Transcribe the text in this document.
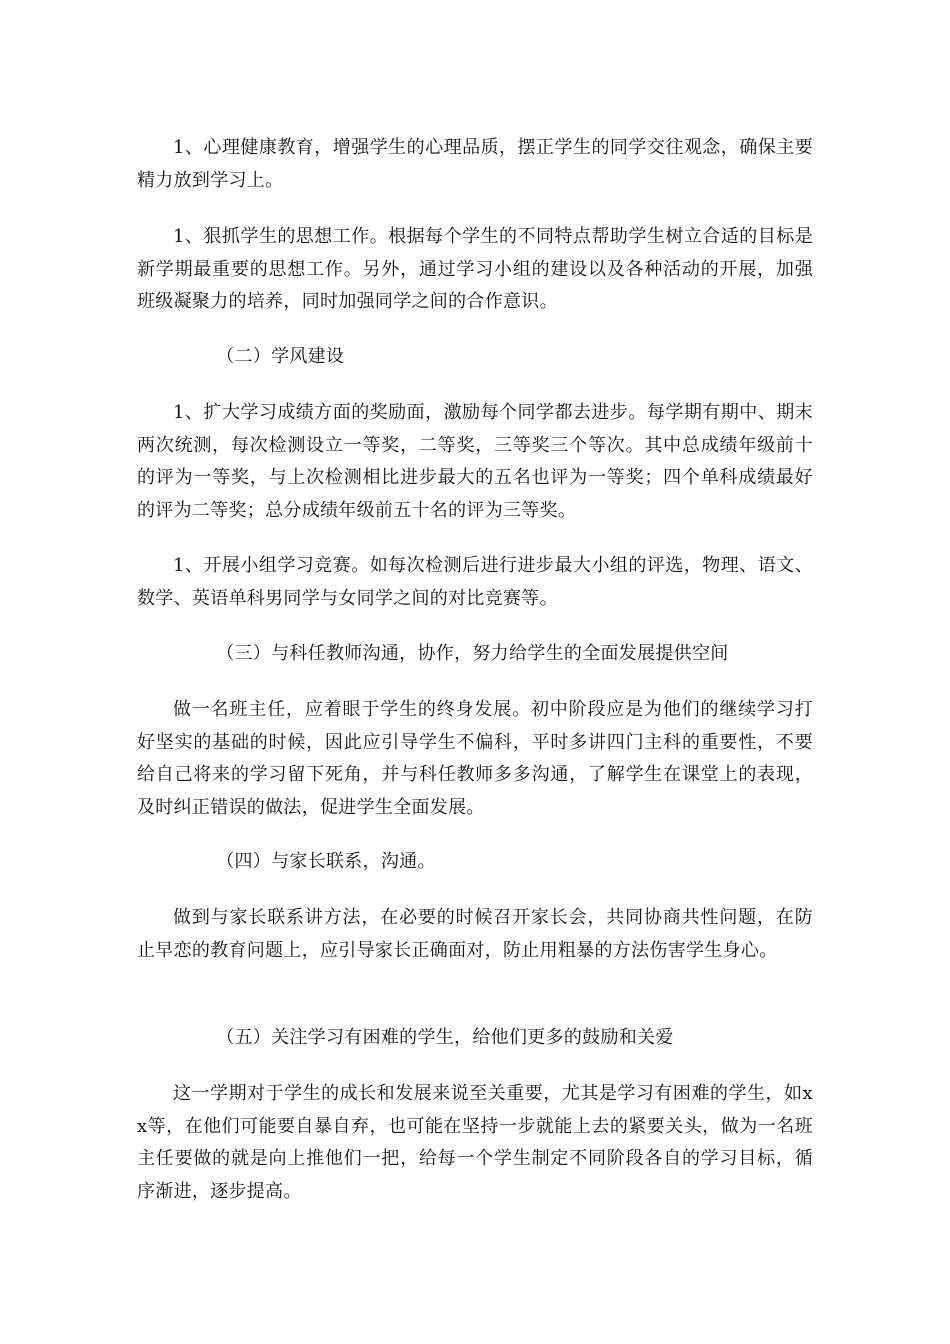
1、心理健康教育，增强学生的心理品质，摆正学生的同学交往观念，确保主要精力放到学习上。

1、狠抓学生的思想工作。根据每个学生的不同特点帮助学生树立合适的目标是新学期最重要的思想工作。另外，通过学习小组的建设以及各种活动的开展，加强班级凝聚力的培养，同时加强同学之间的合作意识。

（二）学风建设

1、扩大学习成绩方面的奖励面，激励每个同学都去进步。每学期有期中、期末两次统测，每次检测设立一等奖，二等奖，三等奖三个等次。其中总成绩年级前十的评为一等奖，与上次检测相比进步最大的五名也评为一等奖；四个单科成绩最好的评为二等奖；总分成绩年级前五十名的评为三等奖。

1、开展小组学习竞赛。如每次检测后进行进步最大小组的评选，物理、语文、数学、英语单科男同学与女同学之间的对比竞赛等。

（三）与科任教师沟通，协作，努力给学生的全面发展提供空间

做一名班主任，应着眼于学生的终身发展。初中阶段应是为他们的继续学习打好坚实的基础的时候，因此应引导学生不偏科，平时多讲四门主科的重要性，不要给自己将来的学习留下死角，并与科任教师多多沟通，了解学生在课堂上的表现，及时纠正错误的做法，促进学生全面发展。

（四）与家长联系，沟通。

做到与家长联系讲方法，在必要的时候召开家长会，共同协商共性问题，在防止早恋的教育问题上，应引导家长正确面对，防止用粗暴的方法伤害学生身心。

（五）关注学习有困难的学生，给他们更多的鼓励和关爱

这一学期对于学生的成长和发展来说至关重要，尤其是学习有困难的学生，如xx等，在他们可能要自暴自弃，也可能在坚持一步就能上去的紧要关头，做为一名班主任要做的就是向上推他们一把，给每一个学生制定不同阶段各自的学习目标，循序渐进，逐步提高。
